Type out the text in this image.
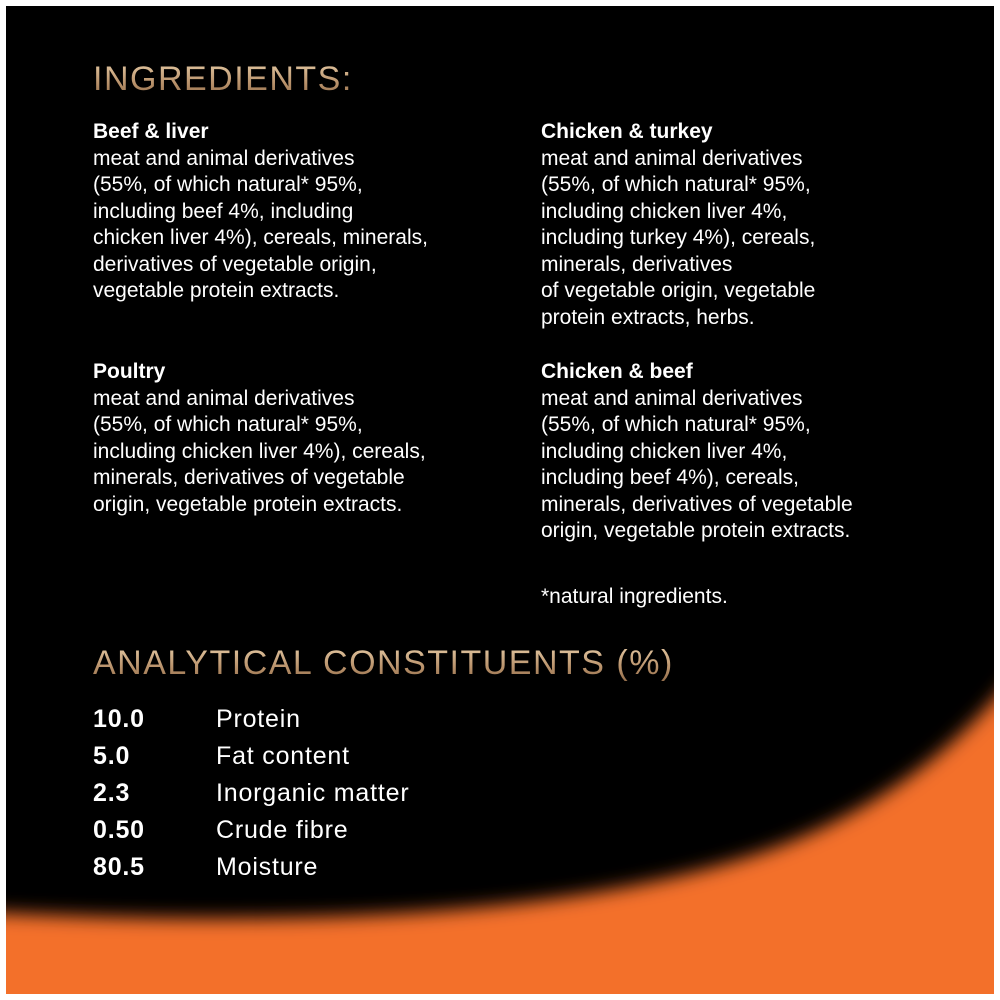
INGREDIENTS:
Beef & liver
meat and animal derivatives
(55%, of which natural* 95%,
including beef 4%, including
chicken liver 4%), cereals, minerals,
derivatives of vegetable origin,
vegetable protein extracts.
Chicken & turkey
meat and animal derivatives
(55%, of which natural* 95%,
including chicken liver 4%,
including turkey 4%), cereals,
minerals, derivatives
of vegetable origin, vegetable
protein extracts, herbs.
Poultry
meat and animal derivatives
(55%, of which natural* 95%,
including chicken liver 4%), cereals,
minerals, derivatives of vegetable
origin, vegetable protein extracts.
Chicken & beef
meat and animal derivatives
(55%, of which natural* 95%,
including chicken liver 4%,
including beef 4%), cereals,
minerals, derivatives of vegetable
origin, vegetable protein extracts.
*natural ingredients.
ANALYTICAL CONSTITUENTS (%)
10.0	Protein
5.0	Fat content
2.3	Inorganic matter
0.50	Crude fibre
80.5	Moisture
